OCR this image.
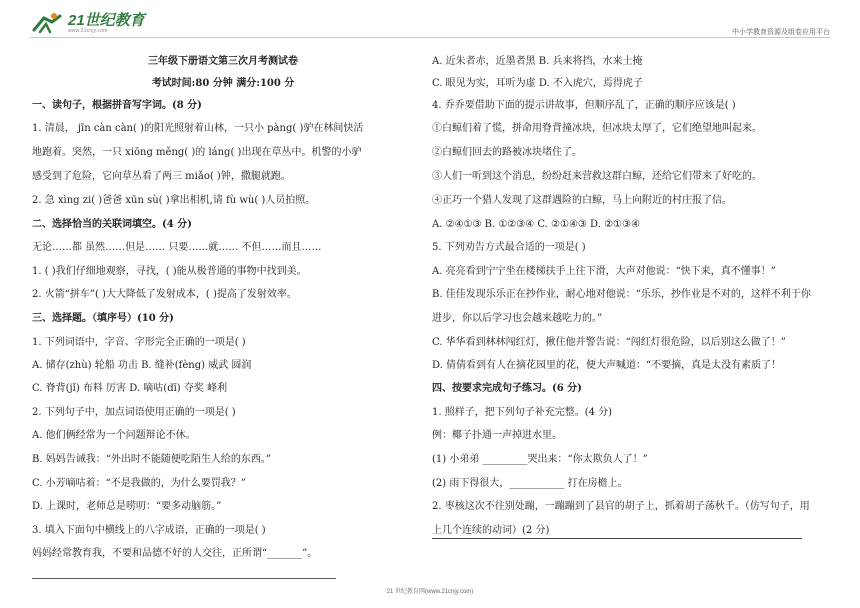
21世纪教育
www.21cnjy.com	中小学教育资源及组卷应用平台
三年级下册语文第三次月考测试卷
考试时间:80 分钟 满分:100 分
一、读句子，根据拼音写字词。(8 分)
1. 清晨， jīn càn càn( )的阳光照射着山林，一只小 pàng( )驴在林间快活
地跑着。突然，一只 xiōng měng( )的 láng( )出现在草丛中。机警的小驴
感受到了危险，它向草丛看了两三 miǎo( )钟，撒腿就跑。
2. 急 xìng zi( )爸爸 xūn sù( )拿出相机,请 fù wù( )人员拍照。
二、选择恰当的关联词填空。(4 分)
无论……都 虽然……但是…… 只要……就…… 不但……而且……
1. ( )我们仔细地观察，寻找，( )能从极普通的事物中找到美。
2. 火箭“拼车”( )大大降低了发射成本，( )提高了发射效率。
三、选择题。（填序号）(10 分)
1. 下列词语中，字音、字形完全正确的一项是( )
A. 储存(zhù) 轮船 功击 B. 缝补(fèng) 威武 圆润
C. 脊背(jǐ) 布料 厉害 D. 嘀咕(dī) 夺奖 峰利
2. 下列句子中，加点词语使用正确的一项是( )
A. 他们俩经常为一个问题辩论不休。
B. 妈妈告诫我：“外出时不能随便吃陌生人给的东西。”
C. 小芳嘀咕着：“不是我做的，为什么要罚我？”
D. 上课时，老师总是唠叨：“要多动脑筋。”
3. 填入下面句中横线上的八字成语，正确的一项是( )
妈妈经常教育我，不要和品德不好的人交往，正所谓“_______”。
A. 近朱者赤，近墨者黑 B. 兵来将挡，水来土掩
C. 眼见为实，耳听为虚 D. 不入虎穴，焉得虎子
4. 乔乔要借助下面的提示讲故事，但顺序乱了，正确的顺序应该是( )
①白鲸们着了慌，拼命用脊背撞冰块，但冰块太厚了，它们绝望地叫起来。
②白鲸们回去的路被冰块堵住了。
③人们一听到这个消息，纷纷赶来营救这群白鲸，还给它们带来了好吃的。
④正巧一个猎人发现了这群遇险的白鲸，马上向附近的村庄报了信。
A. ②④①③ B. ①②③④ C. ②①④③ D. ②①③④
5. 下列劝告方式最合适的一项是( )
A. 亮亮看到宁宁坐在楼梯扶手上往下滑，大声对他说：“快下来，真不懂事！”
B. 佳佳发现乐乐正在抄作业，耐心地对他说：“乐乐，抄作业是不对的，这样不利于你
进步，你以后学习也会越来越吃力的。”
C. 华华看到林林闯红灯，揪住他并警告说：“闯红灯很危险，以后别这么做了！”
D. 倩倩看到有人在摘花园里的花，便大声喊道：“不要摘，真是太没有素质了！
四、按要求完成句子练习。(6 分)
1. 照样子，把下列句子补充完整。(4 分)
例：椰子扑通一声掉进水里。
(1) 小弟弟 _________哭出来：“你太欺负人了！”
(2) 雨下得很大，___________ 打在房檐上。
2. 枣核这次不往别处蹦，一蹦蹦到了县官的胡子上，抓着胡子荡秋千。（仿写句子，用
上几个连续的动词）(2 分)
21 世纪教育网(www.21cnjy.com)
